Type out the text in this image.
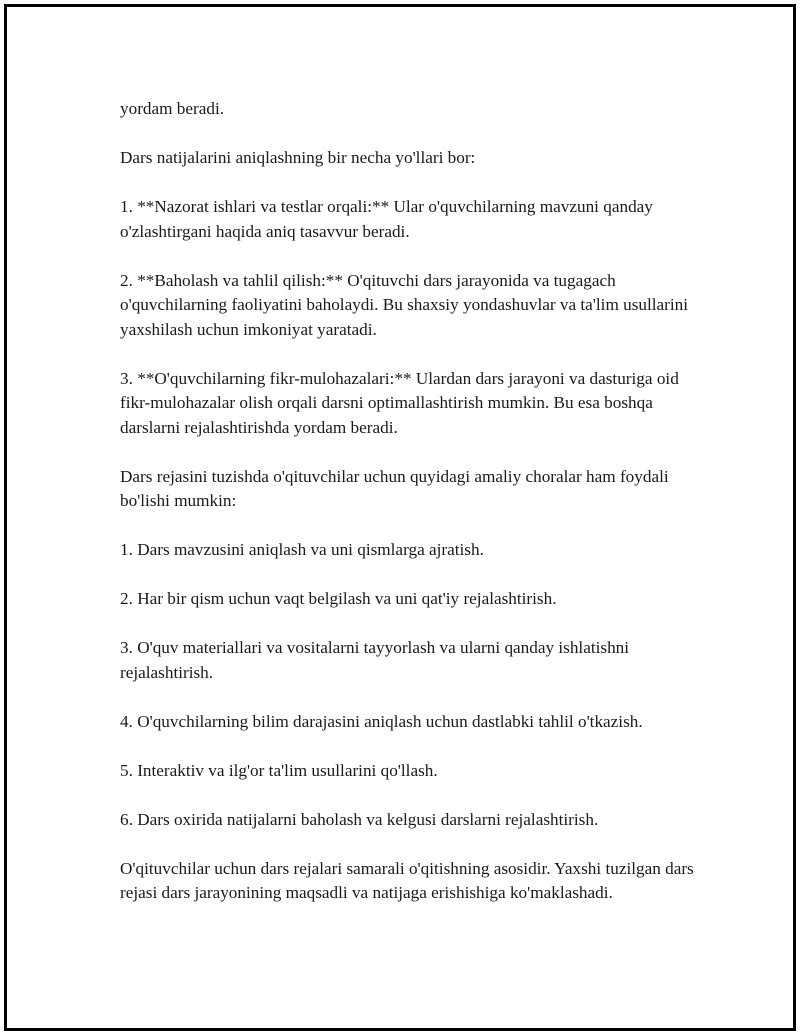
yordam beradi.

Dars natijalarini aniqlashning bir necha yo'llari bor:

1. **Nazorat ishlari va testlar orqali:** Ular o'quvchilarning mavzuni qanday o'zlashtirgani haqida aniq tasavvur beradi.

2. **Baholash va tahlil qilish:** O'qituvchi dars jarayonida va tugagach o'quvchilarning faoliyatini baholaydi. Bu shaxsiy yondashuvlar va ta'lim usullarini yaxshilash uchun imkoniyat yaratadi.

3. **O'quvchilarning fikr-mulohazalari:** Ulardan dars jarayoni va dasturiga oid fikr-mulohazalar olish orqali darsni optimallashtirish mumkin. Bu esa boshqa darslarni rejalashtirishda yordam beradi.

Dars rejasini tuzishda o'qituvchilar uchun quyidagi amaliy choralar ham foydali bo'lishi mumkin:

1. Dars mavzusini aniqlash va uni qismlarga ajratish.

2. Har bir qism uchun vaqt belgilash va uni qat'iy rejalashtirish.

3. O'quv materiallari va vositalarni tayyorlash va ularni qanday ishlatishni rejalashtirish.

4. O'quvchilarning bilim darajasini aniqlash uchun dastlabki tahlil o'tkazish.

5. Interaktiv va ilg'or ta'lim usullarini qo'llash.

6. Dars oxirida natijalarni baholash va kelgusi darslarni rejalashtirish.

O'qituvchilar uchun dars rejalari samarali o'qitishning asosidir. Yaxshi tuzilgan dars rejasi dars jarayonining maqsadli va natijaga erishishiga ko'maklashadi.
